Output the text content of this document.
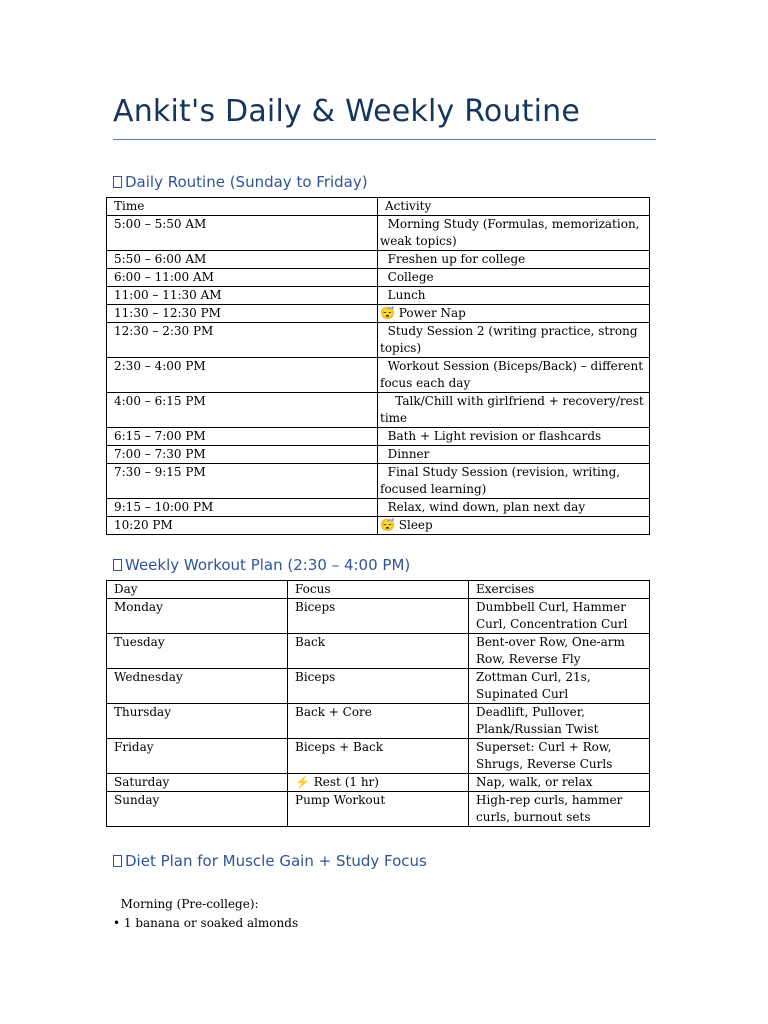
Ankit's Daily & Weekly Routine
Daily Routine (Sunday to Friday)
Time	Activity
5:00 – 5:50 AM	Morning Study (Formulas, memorization, weak topics)
5:50 – 6:00 AM	Freshen up for college
6:00 – 11:00 AM	College
11:00 – 11:30 AM	Lunch
11:30 – 12:30 PM	😴 Power Nap
12:30 – 2:30 PM	Study Session 2 (writing practice, strong topics)
2:30 – 4:00 PM	Workout Session (Biceps/Back) – different focus each day
4:00 – 6:15 PM	Talk/Chill with girlfriend + recovery/rest time
6:15 – 7:00 PM	Bath + Light revision or flashcards
7:00 – 7:30 PM	Dinner
7:30 – 9:15 PM	Final Study Session (revision, writing, focused learning)
9:15 – 10:00 PM	Relax, wind down, plan next day
10:20 PM	😴 Sleep
Weekly Workout Plan (2:30 – 4:00 PM)
Day	Focus	Exercises
Monday	Biceps	Dumbbell Curl, Hammer Curl, Concentration Curl
Tuesday	Back	Bent-over Row, One-arm Row, Reverse Fly
Wednesday	Biceps	Zottman Curl, 21s, Supinated Curl
Thursday	Back + Core	Deadlift, Pullover, Plank/Russian Twist
Friday	Biceps + Back	Superset: Curl + Row, Shrugs, Reverse Curls
Saturday	⚡ Rest (1 hr)	Nap, walk, or relax
Sunday	Pump Workout	High-rep curls, hammer curls, burnout sets
Diet Plan for Muscle Gain + Study Focus
Morning (Pre-college):
• 1 banana or soaked almonds
